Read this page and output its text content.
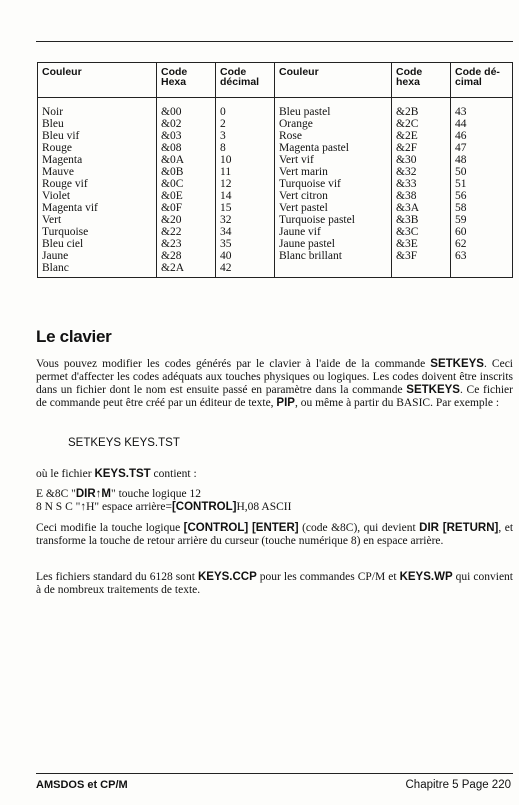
Couleur	Code Hexa	Code décimal	Couleur	Code hexa	Code dé-cimal

Noir	&00	0	Bleu pastel	&2B	43
Bleu	&02	2	Orange	&2C	44
Bleu vif	&03	3	Rose	&2E	46
Rouge	&08	8	Magenta pastel	&2F	47
Magenta	&0A	10	Vert vif	&30	48
Mauve	&0B	11	Vert marin	&32	50
Rouge vif	&0C	12	Turquoise vif	&33	51
Violet	&0E	14	Vert citron	&38	56
Magenta vif	&0F	15	Vert pastel	&3A	58
Vert	&20	32	Turquoise pastel	&3B	59
Turquoise	&22	34	Jaune vif	&3C	60
Bleu ciel	&23	35	Jaune pastel	&3E	62
Jaune	&28	40	Blanc brillant	&3F	63
Blanc	&2A	42			
Le clavier

Vous pouvez modifier les codes générés par le clavier à l'aide de la commande SETKEYS. Ceci permet d'affecter les codes adéquats aux touches physiques ou logiques. Les codes doivent être inscrits dans un fichier dont le nom est ensuite passé en paramètre dans la commande SETKEYS. Ce fichier de commande peut être créé par un éditeur de texte, PIP, ou même à partir du BASIC. Par exemple :

SETKEYS KEYS.TST

où le fichier KEYS.TST contient :

E &8C "DIR↑M" touche logique 12
8 N S C "↑H" espace arrière=[CONTROL]H,08 ASCII

Ceci modifie la touche logique [CONTROL] [ENTER] (code &8C), qui devient DIR [RETURN], et transforme la touche de retour arrière du curseur (touche numérique 8) en espace arrière.

Les fichiers standard du 6128 sont KEYS.CCP pour les commandes CP/M et KEYS.WP qui convient à de nombreux traitements de texte.

AMSDOS et CP/M	Chapitre 5 Page 220
